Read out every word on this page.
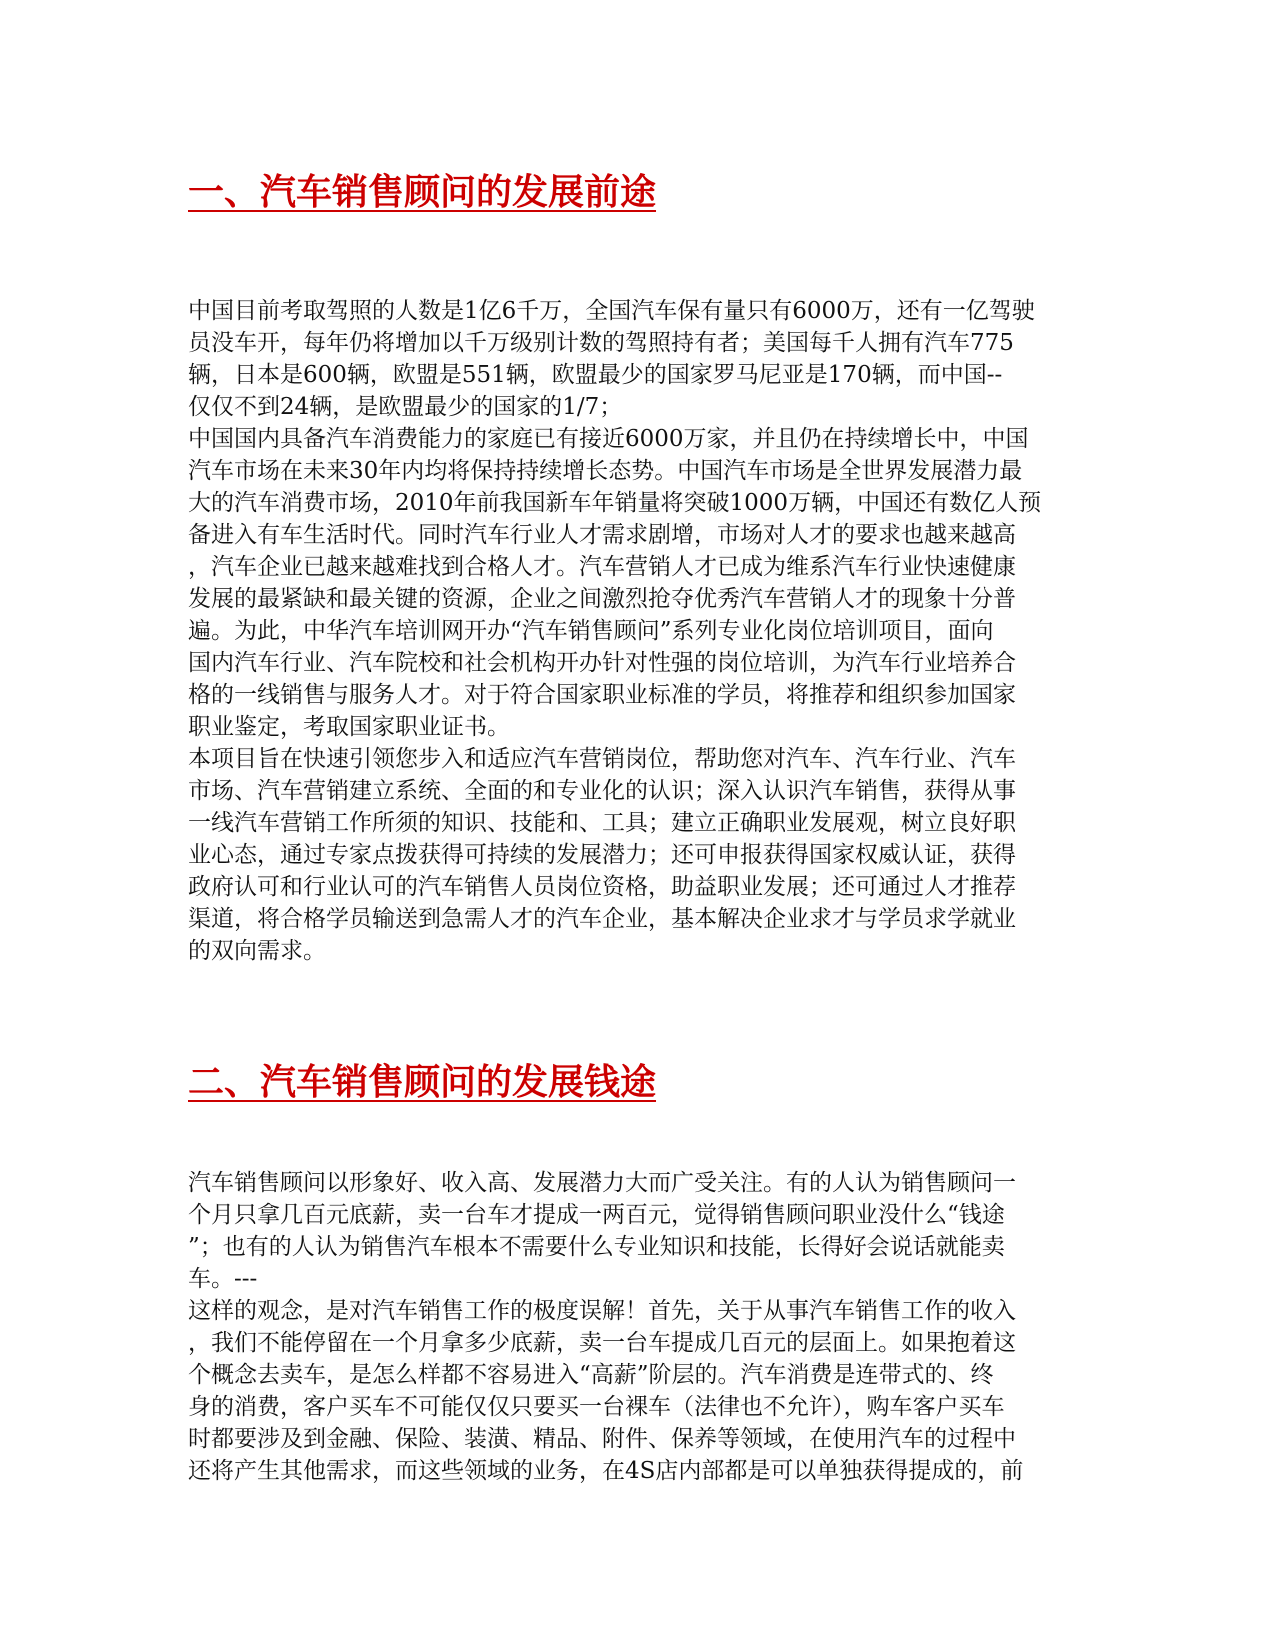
一、汽车销售顾问的发展前途
中国目前考取驾照的人数是1亿6千万，全国汽车保有量只有6000万，还有一亿驾驶
员没车开，每年仍将增加以千万级别计数的驾照持有者；美国每千人拥有汽车775
辆，日本是600辆，欧盟是551辆，欧盟最少的国家罗马尼亚是170辆，而中国--
仅仅不到24辆，是欧盟最少的国家的1/7；
中国国内具备汽车消费能力的家庭已有接近6000万家，并且仍在持续增长中，中国
汽车市场在未来30年内均将保持持续增长态势。中国汽车市场是全世界发展潜力最
大的汽车消费市场，2010年前我国新车年销量将突破1000万辆，中国还有数亿人预
备进入有车生活时代。同时汽车行业人才需求剧增，市场对人才的要求也越来越高
，汽车企业已越来越难找到合格人才。汽车营销人才已成为维系汽车行业快速健康
发展的最紧缺和最关键的资源，企业之间激烈抢夺优秀汽车营销人才的现象十分普
遍。为此，中华汽车培训网开办“汽车销售顾问”系列专业化岗位培训项目，面向
国内汽车行业、汽车院校和社会机构开办针对性强的岗位培训，为汽车行业培养合
格的一线销售与服务人才。对于符合国家职业标准的学员，将推荐和组织参加国家
职业鉴定，考取国家职业证书。
本项目旨在快速引领您步入和适应汽车营销岗位，帮助您对汽车、汽车行业、汽车
市场、汽车营销建立系统、全面的和专业化的认识；深入认识汽车销售，获得从事
一线汽车营销工作所须的知识、技能和、工具；建立正确职业发展观，树立良好职
业心态，通过专家点拨获得可持续的发展潜力；还可申报获得国家权威认证，获得
政府认可和行业认可的汽车销售人员岗位资格，助益职业发展；还可通过人才推荐
渠道，将合格学员输送到急需人才的汽车企业，基本解决企业求才与学员求学就业
的双向需求。
二、汽车销售顾问的发展钱途
汽车销售顾问以形象好、收入高、发展潜力大而广受关注。有的人认为销售顾问一
个月只拿几百元底薪，卖一台车才提成一两百元，觉得销售顾问职业没什么“钱途
”；也有的人认为销售汽车根本不需要什么专业知识和技能，长得好会说话就能卖
车。---
这样的观念，是对汽车销售工作的极度误解！首先，关于从事汽车销售工作的收入
，我们不能停留在一个月拿多少底薪，卖一台车提成几百元的层面上。如果抱着这
个概念去卖车，是怎么样都不容易进入“高薪”阶层的。汽车消费是连带式的、终
身的消费，客户买车不可能仅仅只要买一台裸车（法律也不允许），购车客户买车
时都要涉及到金融、保险、装潢、精品、附件、保养等领域，在使用汽车的过程中
还将产生其他需求，而这些领域的业务，在4S店内部都是可以单独获得提成的，前
